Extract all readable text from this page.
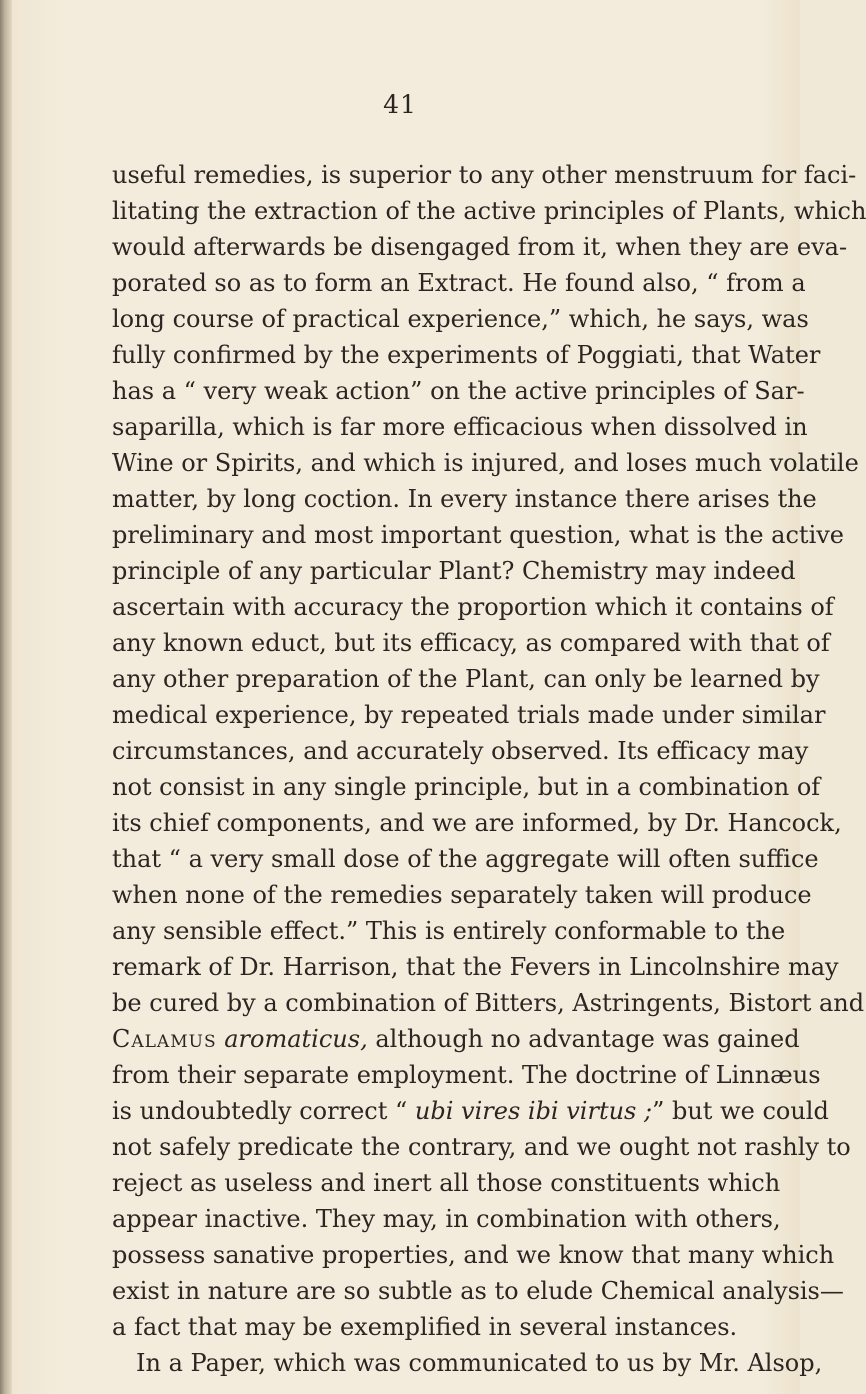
41
useful remedies, is superior to any other menstruum for faci-
litating the extraction of the active principles of Plants, which
would afterwards be disengaged from it, when they are eva-
porated so as to form an Extract. He found also, “ from a
long course of practical experience,” which, he says, was
fully confirmed by the experiments of Poggiati, that Water
has a “ very weak action” on the active principles of Sar-
saparilla, which is far more efficacious when dissolved in
Wine or Spirits, and which is injured, and loses much volatile
matter, by long coction. In every instance there arises the
preliminary and most important question, what is the active
principle of any particular Plant? Chemistry may indeed
ascertain with accuracy the proportion which it contains of
any known educt, but its efficacy, as compared with that of
any other preparation of the Plant, can only be learned by
medical experience, by repeated trials made under similar
circumstances, and accurately observed. Its efficacy may
not consist in any single principle, but in a combination of
its chief components, and we are informed, by Dr. Hancock,
that “ a very small dose of the aggregate will often suffice
when none of the remedies separately taken will produce
any sensible effect.” This is entirely conformable to the
remark of Dr. Harrison, that the Fevers in Lincolnshire may
be cured by a combination of Bitters, Astringents, Bistort and
Calamus aromaticus, although no advantage was gained
from their separate employment. The doctrine of Linnæus
is undoubtedly correct “ ubi vires ibi virtus ;” but we could
not safely predicate the contrary, and we ought not rashly to
reject as useless and inert all those constituents which
appear inactive. They may, in combination with others,
possess sanative properties, and we know that many which
exist in nature are so subtle as to elude Chemical analysis—
a fact that may be exemplified in several instances.
In a Paper, which was communicated to us by Mr. Alsop,
